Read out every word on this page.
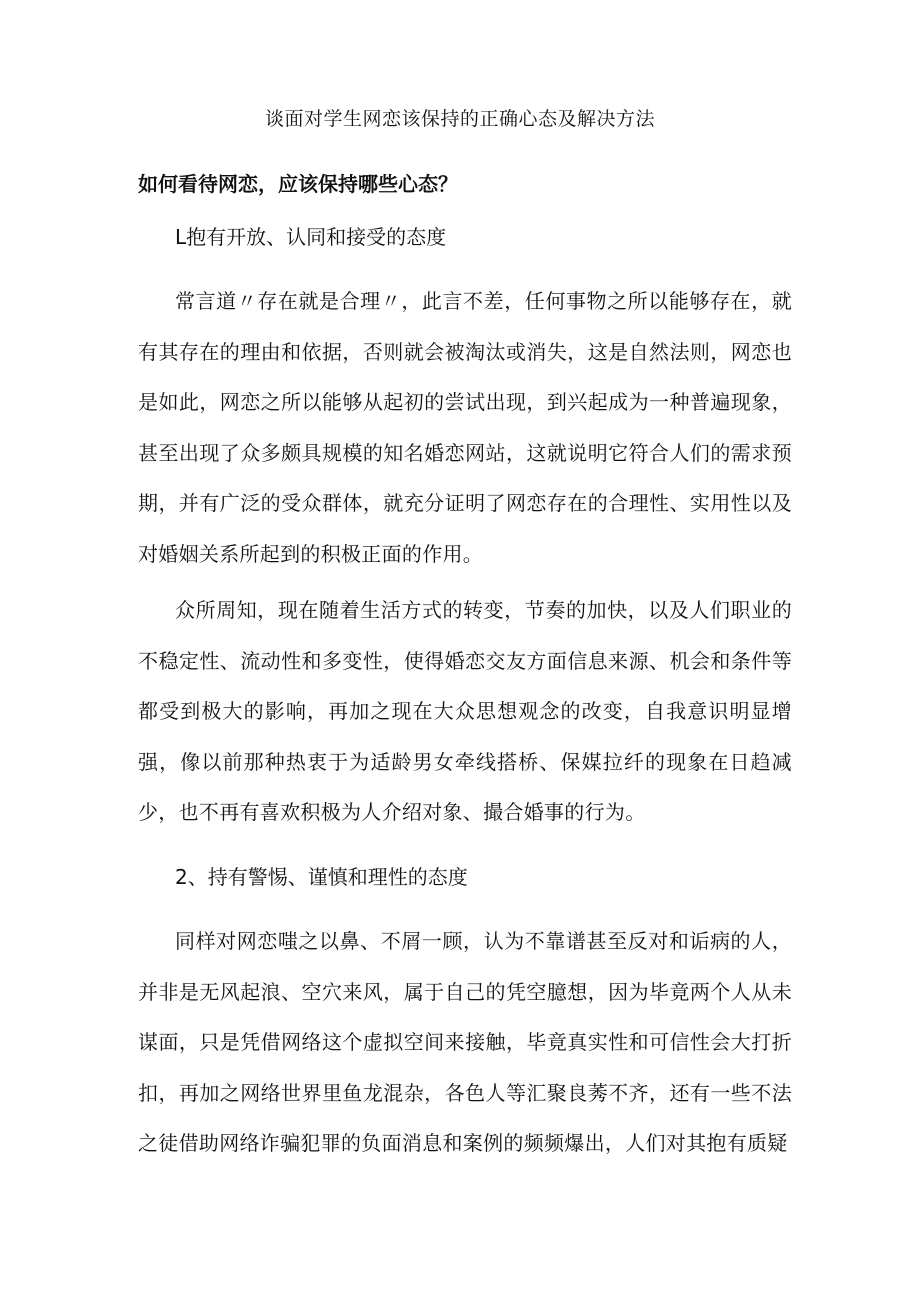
谈面对学生网恋该保持的正确心态及解决方法
如何看待网恋，应该保持哪些心态？
L抱有开放、认同和接受的态度

常言道〃存在就是合理〃，此言不差，任何事物之所以能够存在，就有其存在的理由和依据，否则就会被淘汰或消失，这是自然法则，网恋也是如此，网恋之所以能够从起初的尝试出现，到兴起成为一种普遍现象，甚至出现了众多颇具规模的知名婚恋网站，这就说明它符合人们的需求预期，并有广泛的受众群体，就充分证明了网恋存在的合理性、实用性以及对婚姻关系所起到的积极正面的作用。

众所周知，现在随着生活方式的转变，节奏的加快，以及人们职业的不稳定性、流动性和多变性，使得婚恋交友方面信息来源、机会和条件等都受到极大的影响，再加之现在大众思想观念的改变，自我意识明显增强，像以前那种热衷于为适龄男女牵线搭桥、保媒拉纤的现象在日趋减少，也不再有喜欢积极为人介绍对象、撮合婚事的行为。

2、持有警惕、谨慎和理性的态度

同样对网恋嗤之以鼻、不屑一顾，认为不靠谱甚至反对和诟病的人，并非是无风起浪、空穴来风，属于自己的凭空臆想，因为毕竟两个人从未谋面，只是凭借网络这个虚拟空间来接触，毕竟真实性和可信性会大打折扣，再加之网络世界里鱼龙混杂，各色人等汇聚良莠不齐，还有一些不法之徒借助网络诈骗犯罪的负面消息和案例的频频爆出，人们对其抱有质疑
